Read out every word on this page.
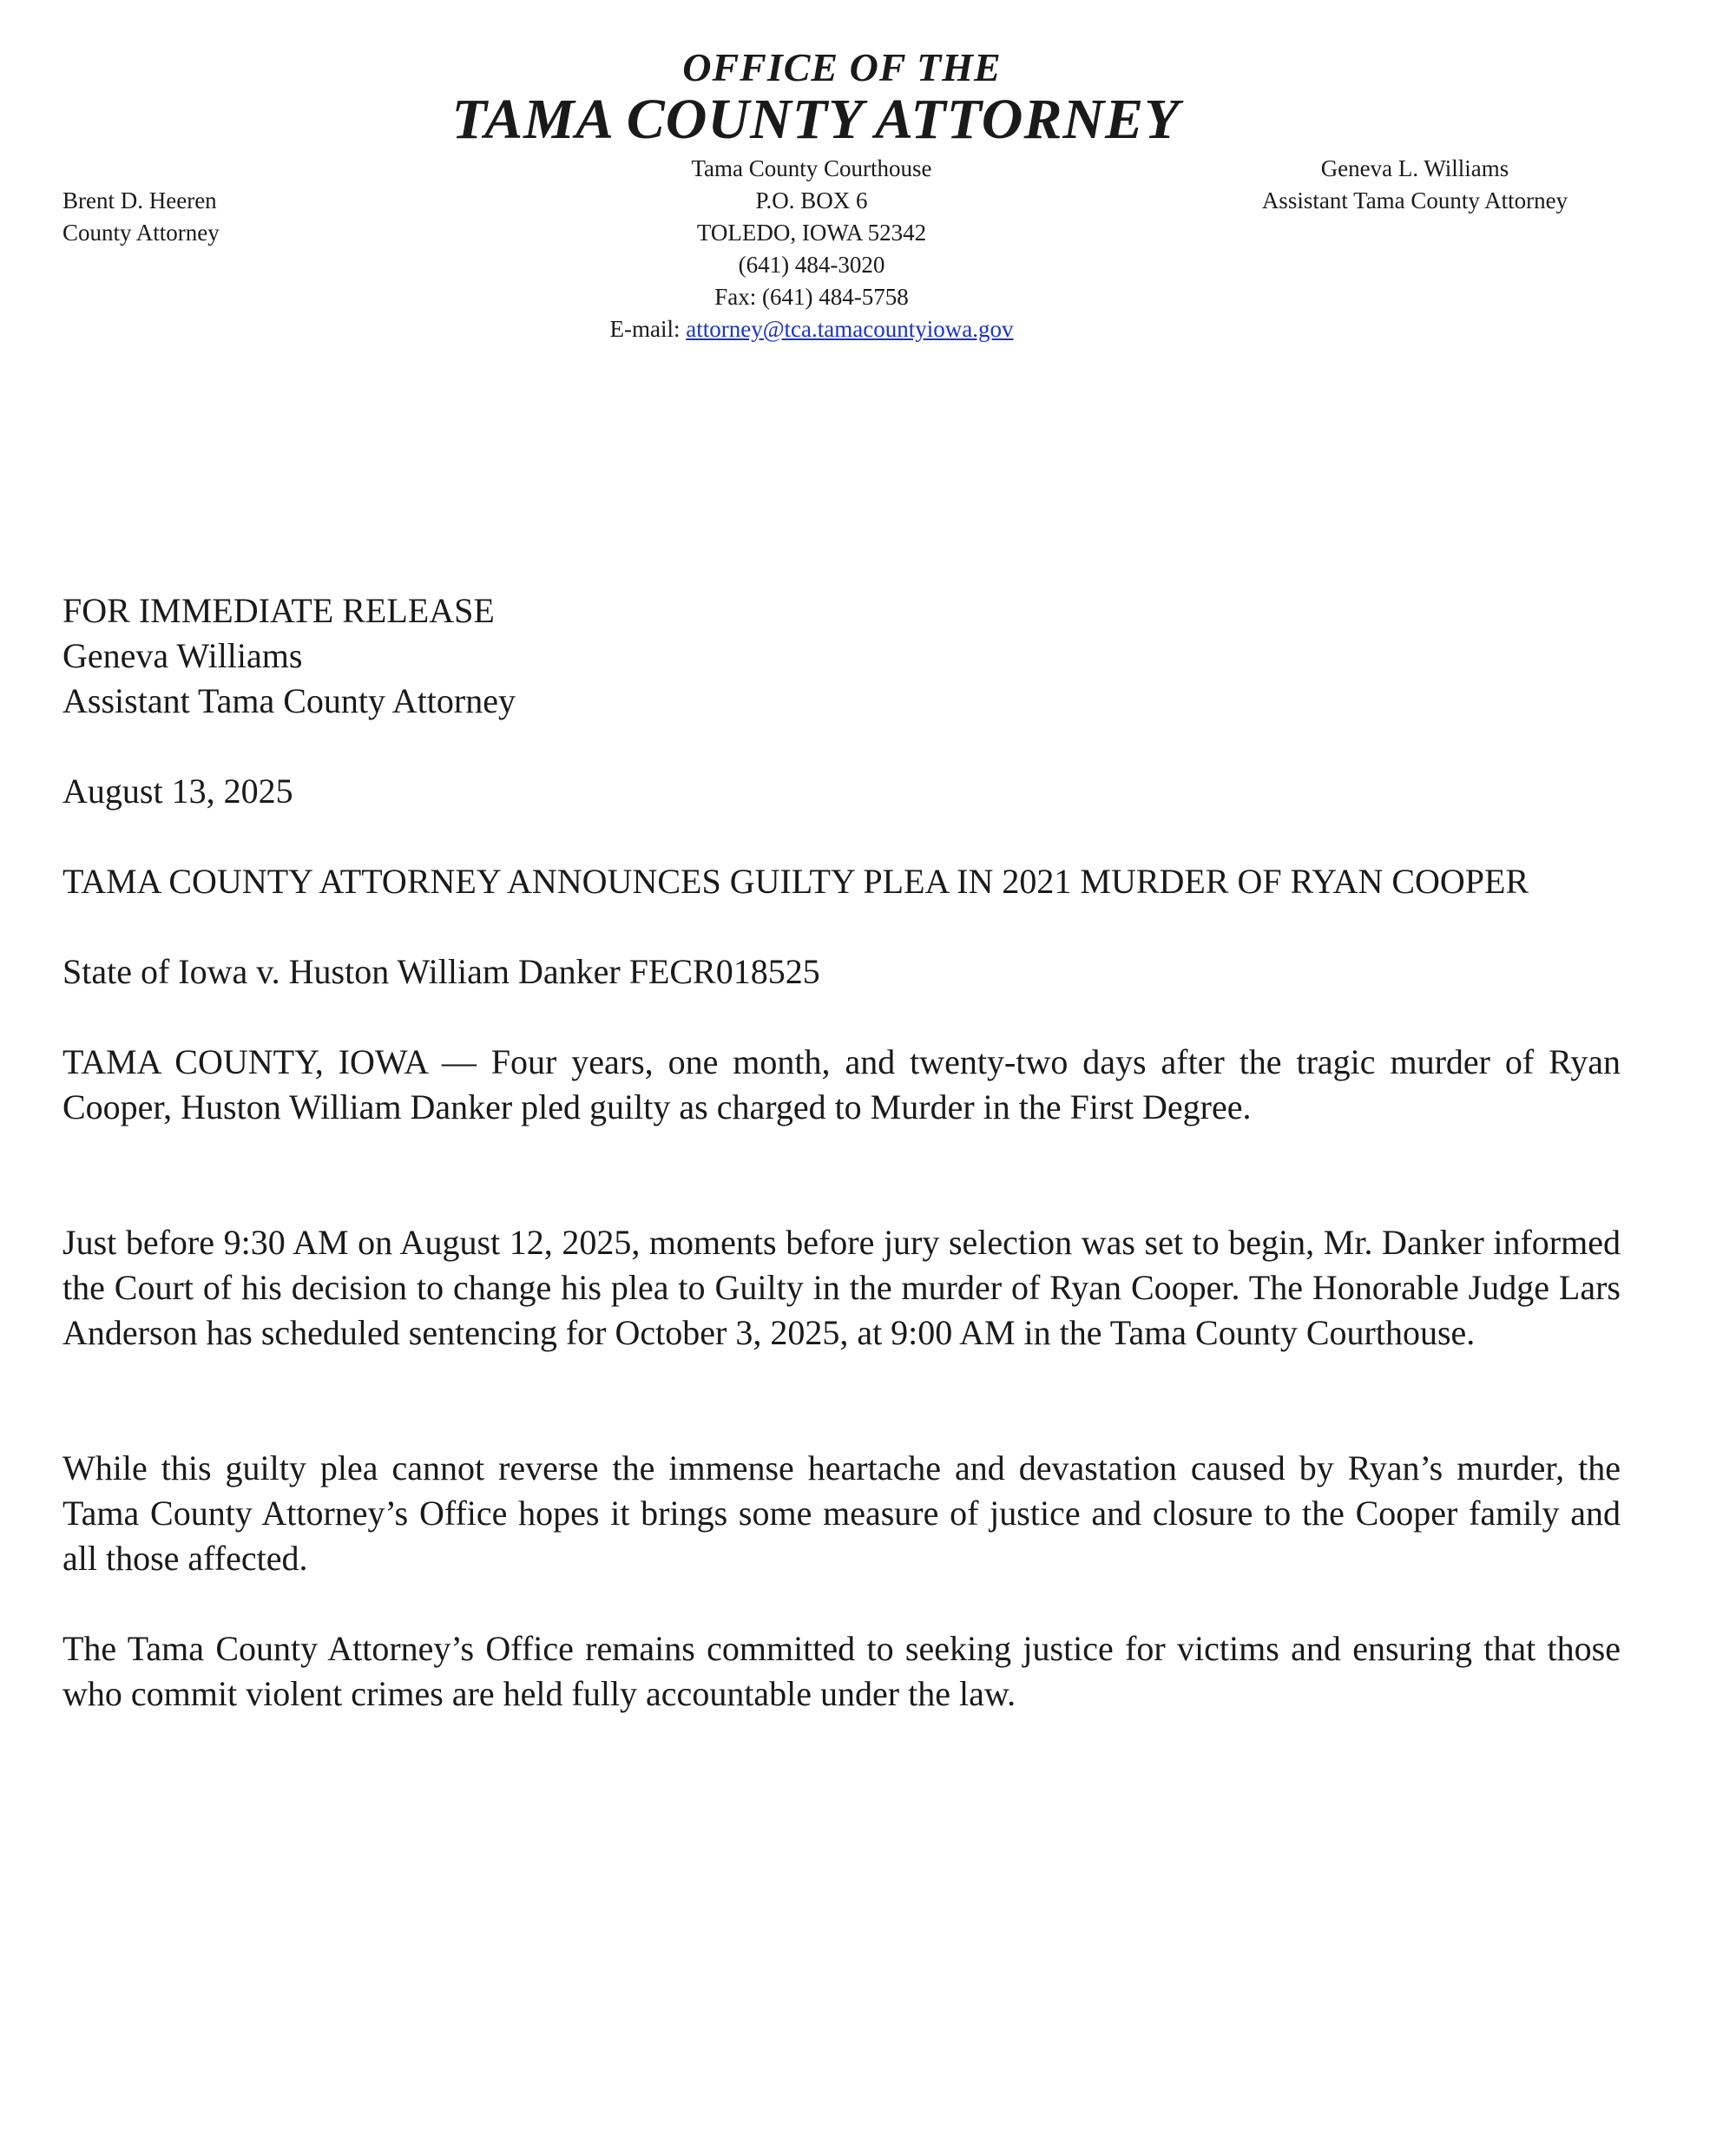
OFFICE OF THE
TAMA COUNTY ATTORNEY
Brent D. Heeren
County Attorney
Tama County Courthouse
P.O. BOX 6
TOLEDO, IOWA 52342
(641) 484-3020
Fax: (641) 484-5758
E-mail: attorney@tca.tamacountyiowa.gov
Geneva L. Williams
Assistant Tama County Attorney
FOR IMMEDIATE RELEASE
Geneva Williams
Assistant Tama County Attorney
August 13, 2025
TAMA COUNTY ATTORNEY ANNOUNCES GUILTY PLEA IN 2021 MURDER OF RYAN COOPER
State of Iowa v. Huston William Danker FECR018525
TAMA COUNTY, IOWA — Four years, one month, and twenty-two days after the tragic murder of Ryan Cooper, Huston William Danker pled guilty as charged to Murder in the First Degree.
Just before 9:30 AM on August 12, 2025, moments before jury selection was set to begin, Mr. Danker informed the Court of his decision to change his plea to Guilty in the murder of Ryan Cooper. The Honorable Judge Lars Anderson has scheduled sentencing for October 3, 2025, at 9:00 AM in the Tama County Courthouse.
While this guilty plea cannot reverse the immense heartache and devastation caused by Ryan’s murder, the Tama County Attorney’s Office hopes it brings some measure of justice and closure to the Cooper family and all those affected.
The Tama County Attorney’s Office remains committed to seeking justice for victims and ensuring that those who commit violent crimes are held fully accountable under the law.
